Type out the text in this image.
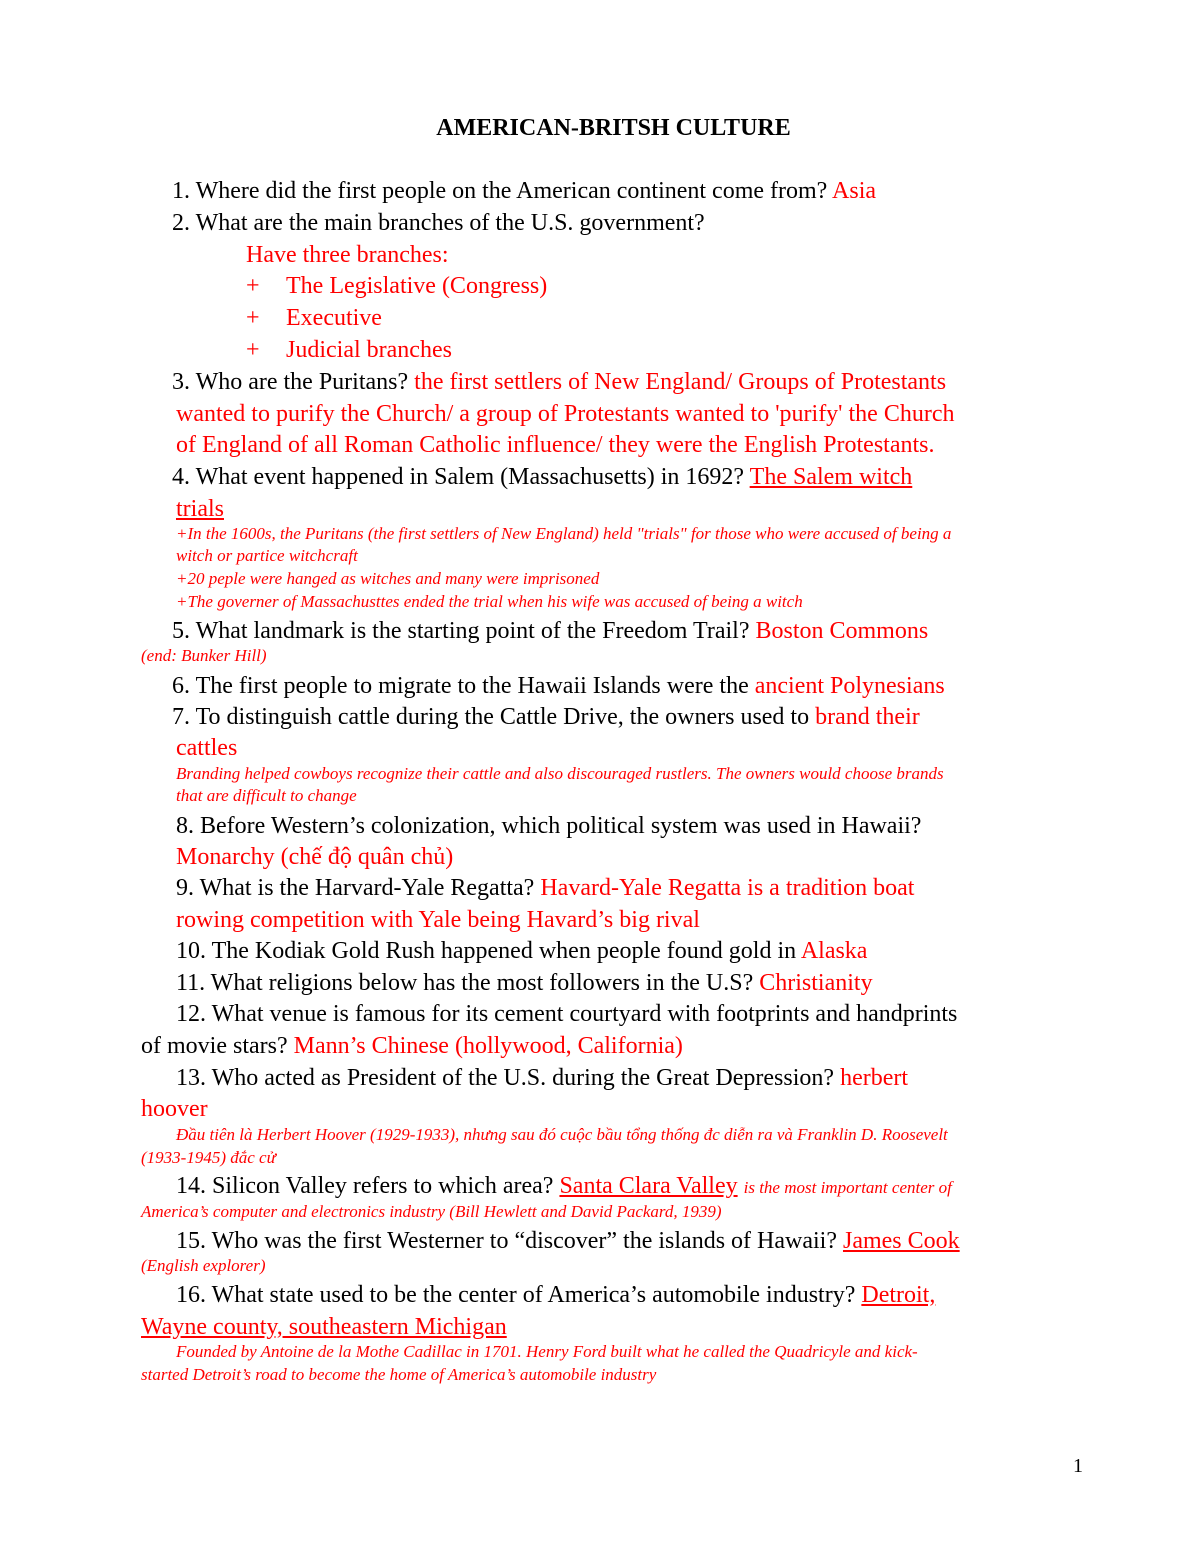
AMERICAN-BRITSH CULTURE
1. Where did the first people on the American continent come from? Asia
2. What are the main branches of the U.S. government?
Have three branches:
+ The Legislative (Congress)
+ Executive
+ Judicial branches
3. Who are the Puritans? the first settlers of New England/ Groups of Protestants
wanted to purify the Church/ a group of Protestants wanted to 'purify' the Church
of England of all Roman Catholic influence/ they were the English Protestants.
4. What event happened in Salem (Massachusetts) in 1692? The Salem witch
trials
+In the 1600s, the Puritans (the first settlers of New England) held "trials" for those who were accused of being a
witch or partice witchcraft
+20 peple were hanged as witches and many were imprisoned
+The governer of Massachusttes ended the trial when his wife was accused of being a witch
5. What landmark is the starting point of the Freedom Trail? Boston Commons
(end: Bunker Hill)
6. The first people to migrate to the Hawaii Islands were the ancient Polynesians
7. To distinguish cattle during the Cattle Drive, the owners used to brand their
cattles
Branding helped cowboys recognize their cattle and also discouraged rustlers. The owners would choose brands
that are difficult to change
8. Before Western’s colonization, which political system was used in Hawaii?
Monarchy (chế độ quân chủ)
9. What is the Harvard-Yale Regatta? Havard-Yale Regatta is a tradition boat
rowing competition with Yale being Havard’s big rival
10. The Kodiak Gold Rush happened when people found gold in Alaska
11. What religions below has the most followers in the U.S? Christianity
12. What venue is famous for its cement courtyard with footprints and handprints
of movie stars? Mann’s Chinese (hollywood, California)
13. Who acted as President of the U.S. during the Great Depression? herbert
hoover
Đầu tiên là Herbert Hoover (1929-1933), nhưng sau đó cuộc bầu tổng thống đc diễn ra và Franklin D. Roosevelt
(1933-1945) đắc cử
14. Silicon Valley refers to which area? Santa Clara Valley is the most important center of
America’s computer and electronics industry (Bill Hewlett and David Packard, 1939)
15. Who was the first Westerner to “discover” the islands of Hawaii? James Cook
(English explorer)
16. What state used to be the center of America’s automobile industry? Detroit,
Wayne county, southeastern Michigan
Founded by Antoine de la Mothe Cadillac in 1701. Henry Ford built what he called the Quadricyle and kick-
started Detroit’s road to become the home of America’s automobile industry
1
